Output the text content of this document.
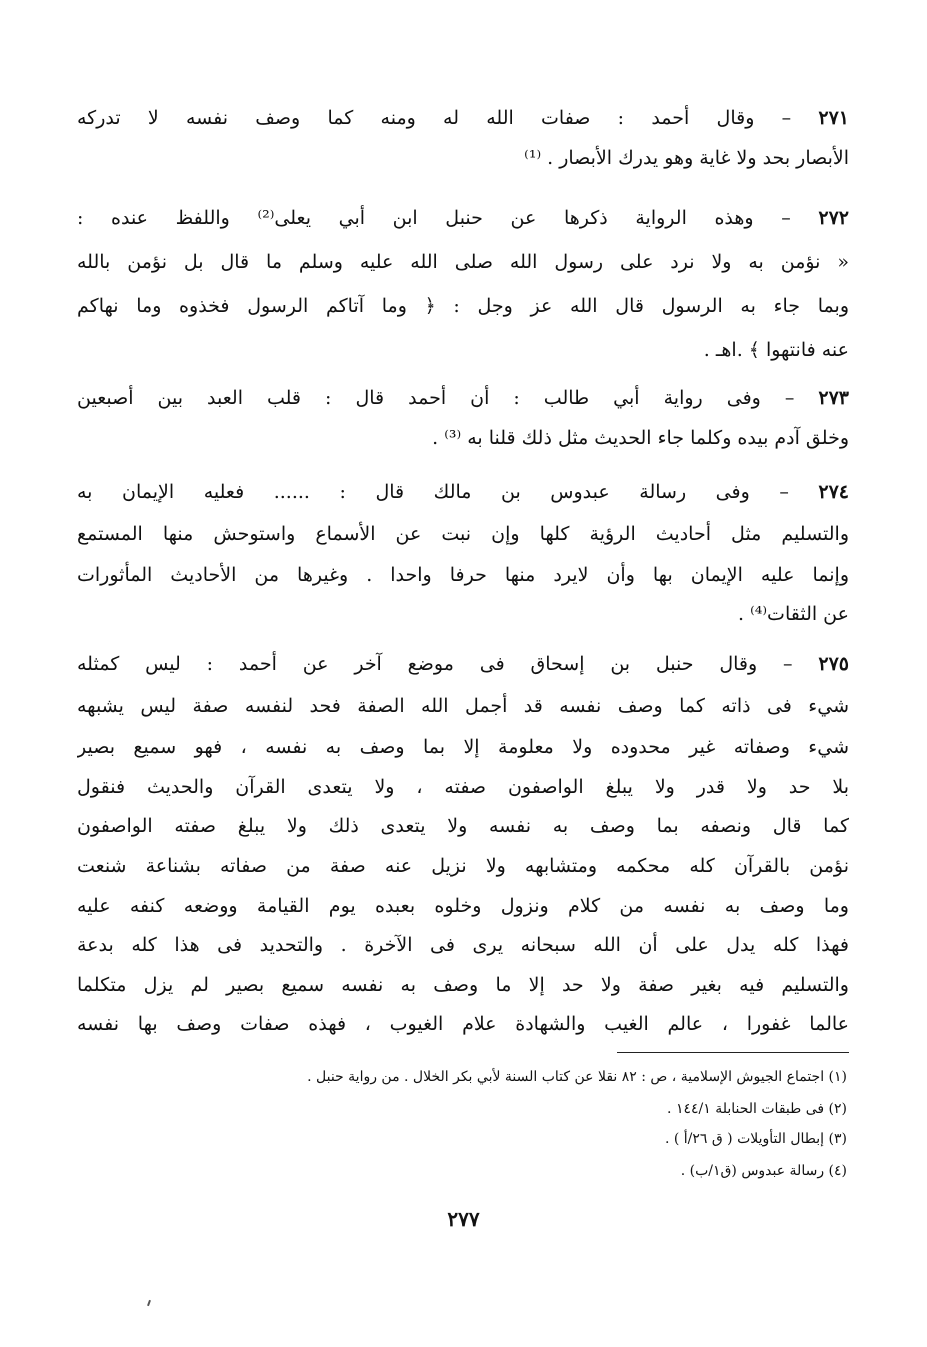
٢٧١ – وقال أحمد : صفات الله له ومنه كما وصف نفسه لا تدركه
الأبصار بحد ولا غاية وهو يدرك الأبصار . ⁽¹⁾
٢٧٢ – وهذه الرواية ذكرها عن حنبل ابن أبي يعلى⁽²⁾ واللفظ عنده :
« نؤمن به ولا نرد على رسول الله صلى الله عليه وسلم ما قال بل نؤمن بالله
وبما جاء به الرسول قال الله عز وجل : ﴿ وما آتاكم الرسول فخذوه وما نهاكم
عنه فانتهوا ﴾ .اهـ .
٢٧٣ – وفى رواية أبي طالب : أن أحمد قال : قلب العبد بين أصبعين
وخلق آدم بيده وكلما جاء الحديث مثل ذلك قلنا به ⁽³⁾ .
٢٧٤ – وفى رسالة عبدوس بن مالك قال : ...... فعليه الإيمان به
والتسليم مثل أحاديث الرؤية كلها وإن نبت عن الأسماع واستوحش منها المستمع
وإنما عليه الإيمان بها وأن لايرد منها حرفا واحدا . وغيرها من الأحاديث المأثورات
عن الثقات⁽⁴⁾ .
٢٧٥ – وقال حنبل بن إسحاق فى موضع آخر عن أحمد : ليس كمثله
شيء فى ذاته كما وصف نفسه قد أجمل الله الصفة فحد لنفسه صفة ليس يشبهه
شيء وصفاته غير محدوده ولا معلومة إلا بما وصف به نفسه ، فهو سميع بصير
بلا حد ولا قدر ولا يبلغ الواصفون صفته ، ولا يتعدى القرآن والحديث فنقول
كما قال ونصفه بما وصف به نفسه ولا يتعدى ذلك ولا يبلغ صفته الواصفون
نؤمن بالقرآن كله محكمه ومتشابهه ولا نزيل عنه صفة من صفاته بشناعة شنعت
وما وصف به نفسه من كلام ونزول وخلوه بعبده يوم القيامة ووضعه كنفه عليه
فهذا كله يدل على أن الله سبحانه يرى فى الآخرة . والتحديد فى هذا كله بدعة
والتسليم فيه بغير صفة ولا حد إلا ما وصف به نفسه سميع بصير لم يزل متكلما
عالما غفورا ، عالم الغيب والشهادة علام الغيوب ، فهذه صفات وصف بها نفسه
(١) اجتماع الجيوش الإسلامية ، ص : ٨٢ نقلا عن كتاب السنة لأبي بكر الخلال . من رواية حنبل .
(٢) فى طبقات الحنابلة ١٤٤/١ .
(٣) إبطال التأويلات ( ق ٢٦/أ ) .
(٤) رسالة عبدوس (ق١/ب) .
٢٧٧
